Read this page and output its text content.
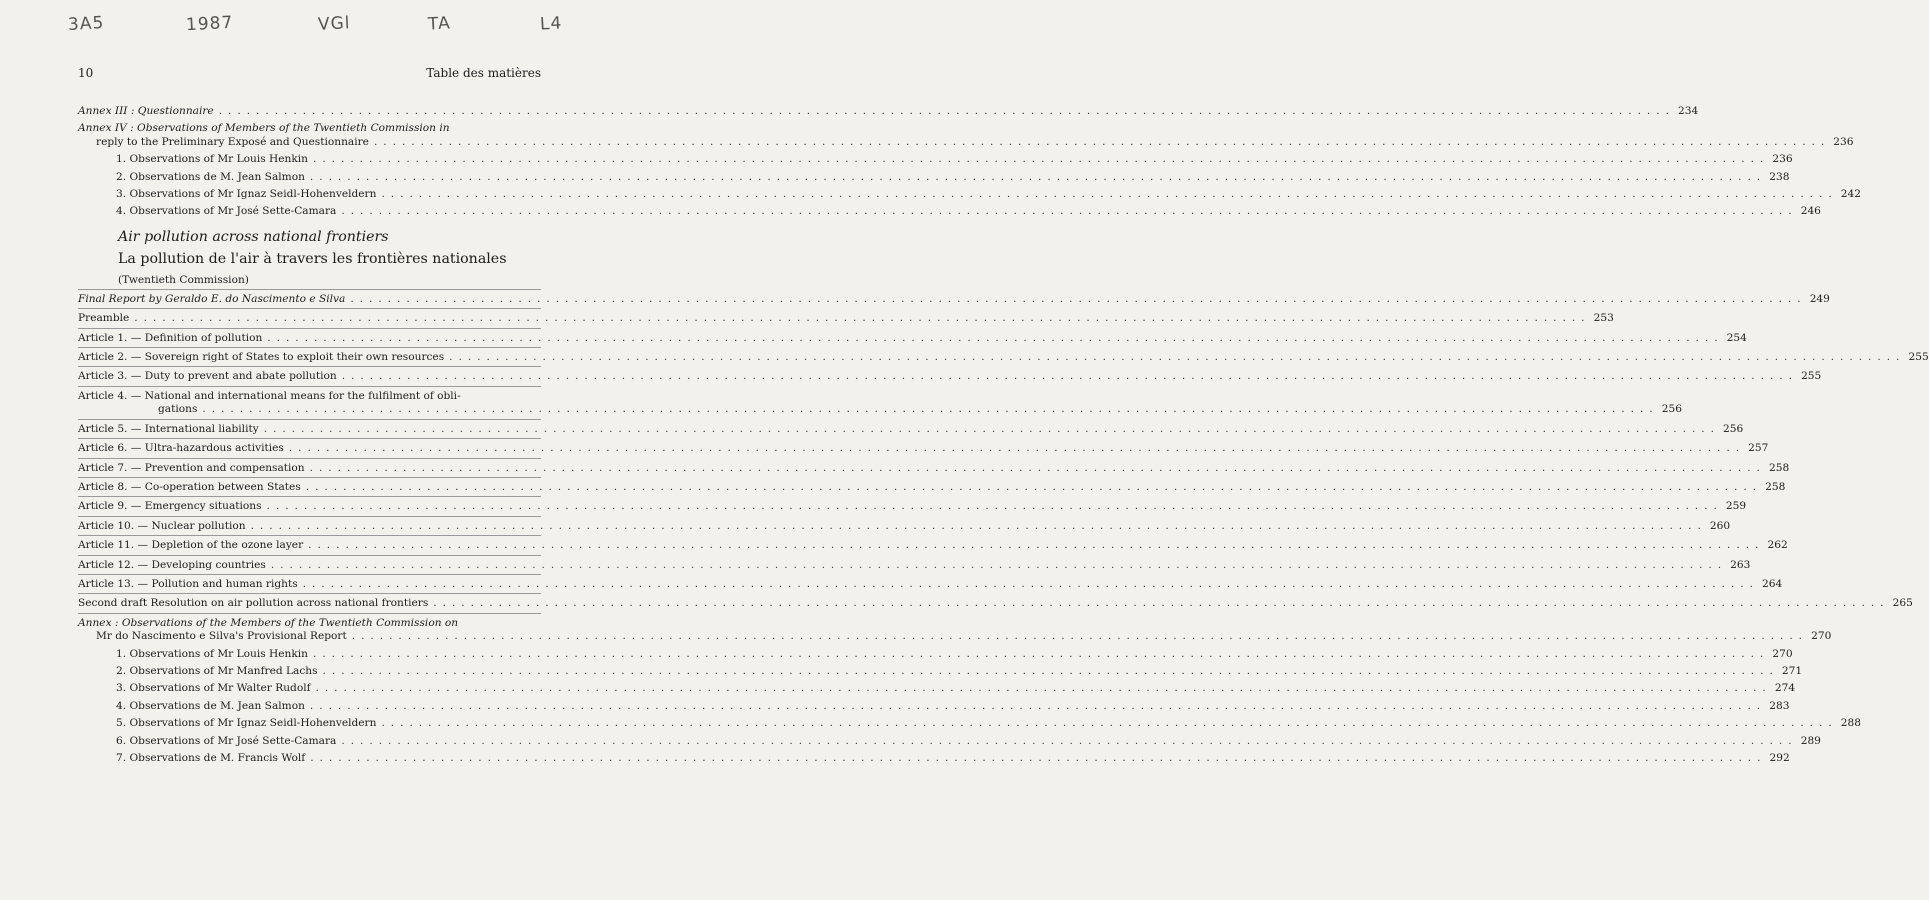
3A5	1987	VGl	TA	L4
10	Table des matières
Annex III : Questionnaire . . .	234
Annex IV : Observations of Members of the Twentieth Commission in
reply to the Preliminary Exposé and Questionnaire . . .	236
1. Observations of Mr Louis Henkin . . .	236
2. Observations de M. Jean Salmon . . .	238
3. Observations of Mr Ignaz Seidl-Hohenveldern . . .	242
4. Observations of Mr José Sette-Camara . . .	246
Air pollution across national frontiers
La pollution de l'air à travers les frontières nationales
(Twentieth Commission)
Final Report by Geraldo E. do Nascimento e Silva . . .	249
Preamble . . .	253
Article 1. — Definition of pollution . . .	254
Article 2. — Sovereign right of States to exploit their own resources . . .	255
Article 3. — Duty to prevent and abate pollution . . .	255
Article 4. — National and international means for the fulfilment of obli-
gations . . .	256
Article 5. — International liability . . .	256
Article 6. — Ultra-hazardous activities . . .	257
Article 7. — Prevention and compensation . . .	258
Article 8. — Co-operation between States . . .	258
Article 9. — Emergency situations . . .	259
Article 10. — Nuclear pollution . . .	260
Article 11. — Depletion of the ozone layer . . .	262
Article 12. — Developing countries . . .	263
Article 13. — Pollution and human rights . . .	264
Second draft Resolution on air pollution across national frontiers . . .	265
Annex : Observations of the Members of the Twentieth Commission on
Mr do Nascimento e Silva's Provisional Report . . .	270
1. Observations of Mr Louis Henkin . . .	270
2. Observations of Mr Manfred Lachs . . .	271
3. Observations of Mr Walter Rudolf . . .	274
4. Observations de M. Jean Salmon . . .	283
5. Observations of Mr Ignaz Seidl-Hohenveldern . . .	288
6. Observations of Mr José Sette-Camara . . .	289
7. Observations de M. Francis Wolf . . .	292
